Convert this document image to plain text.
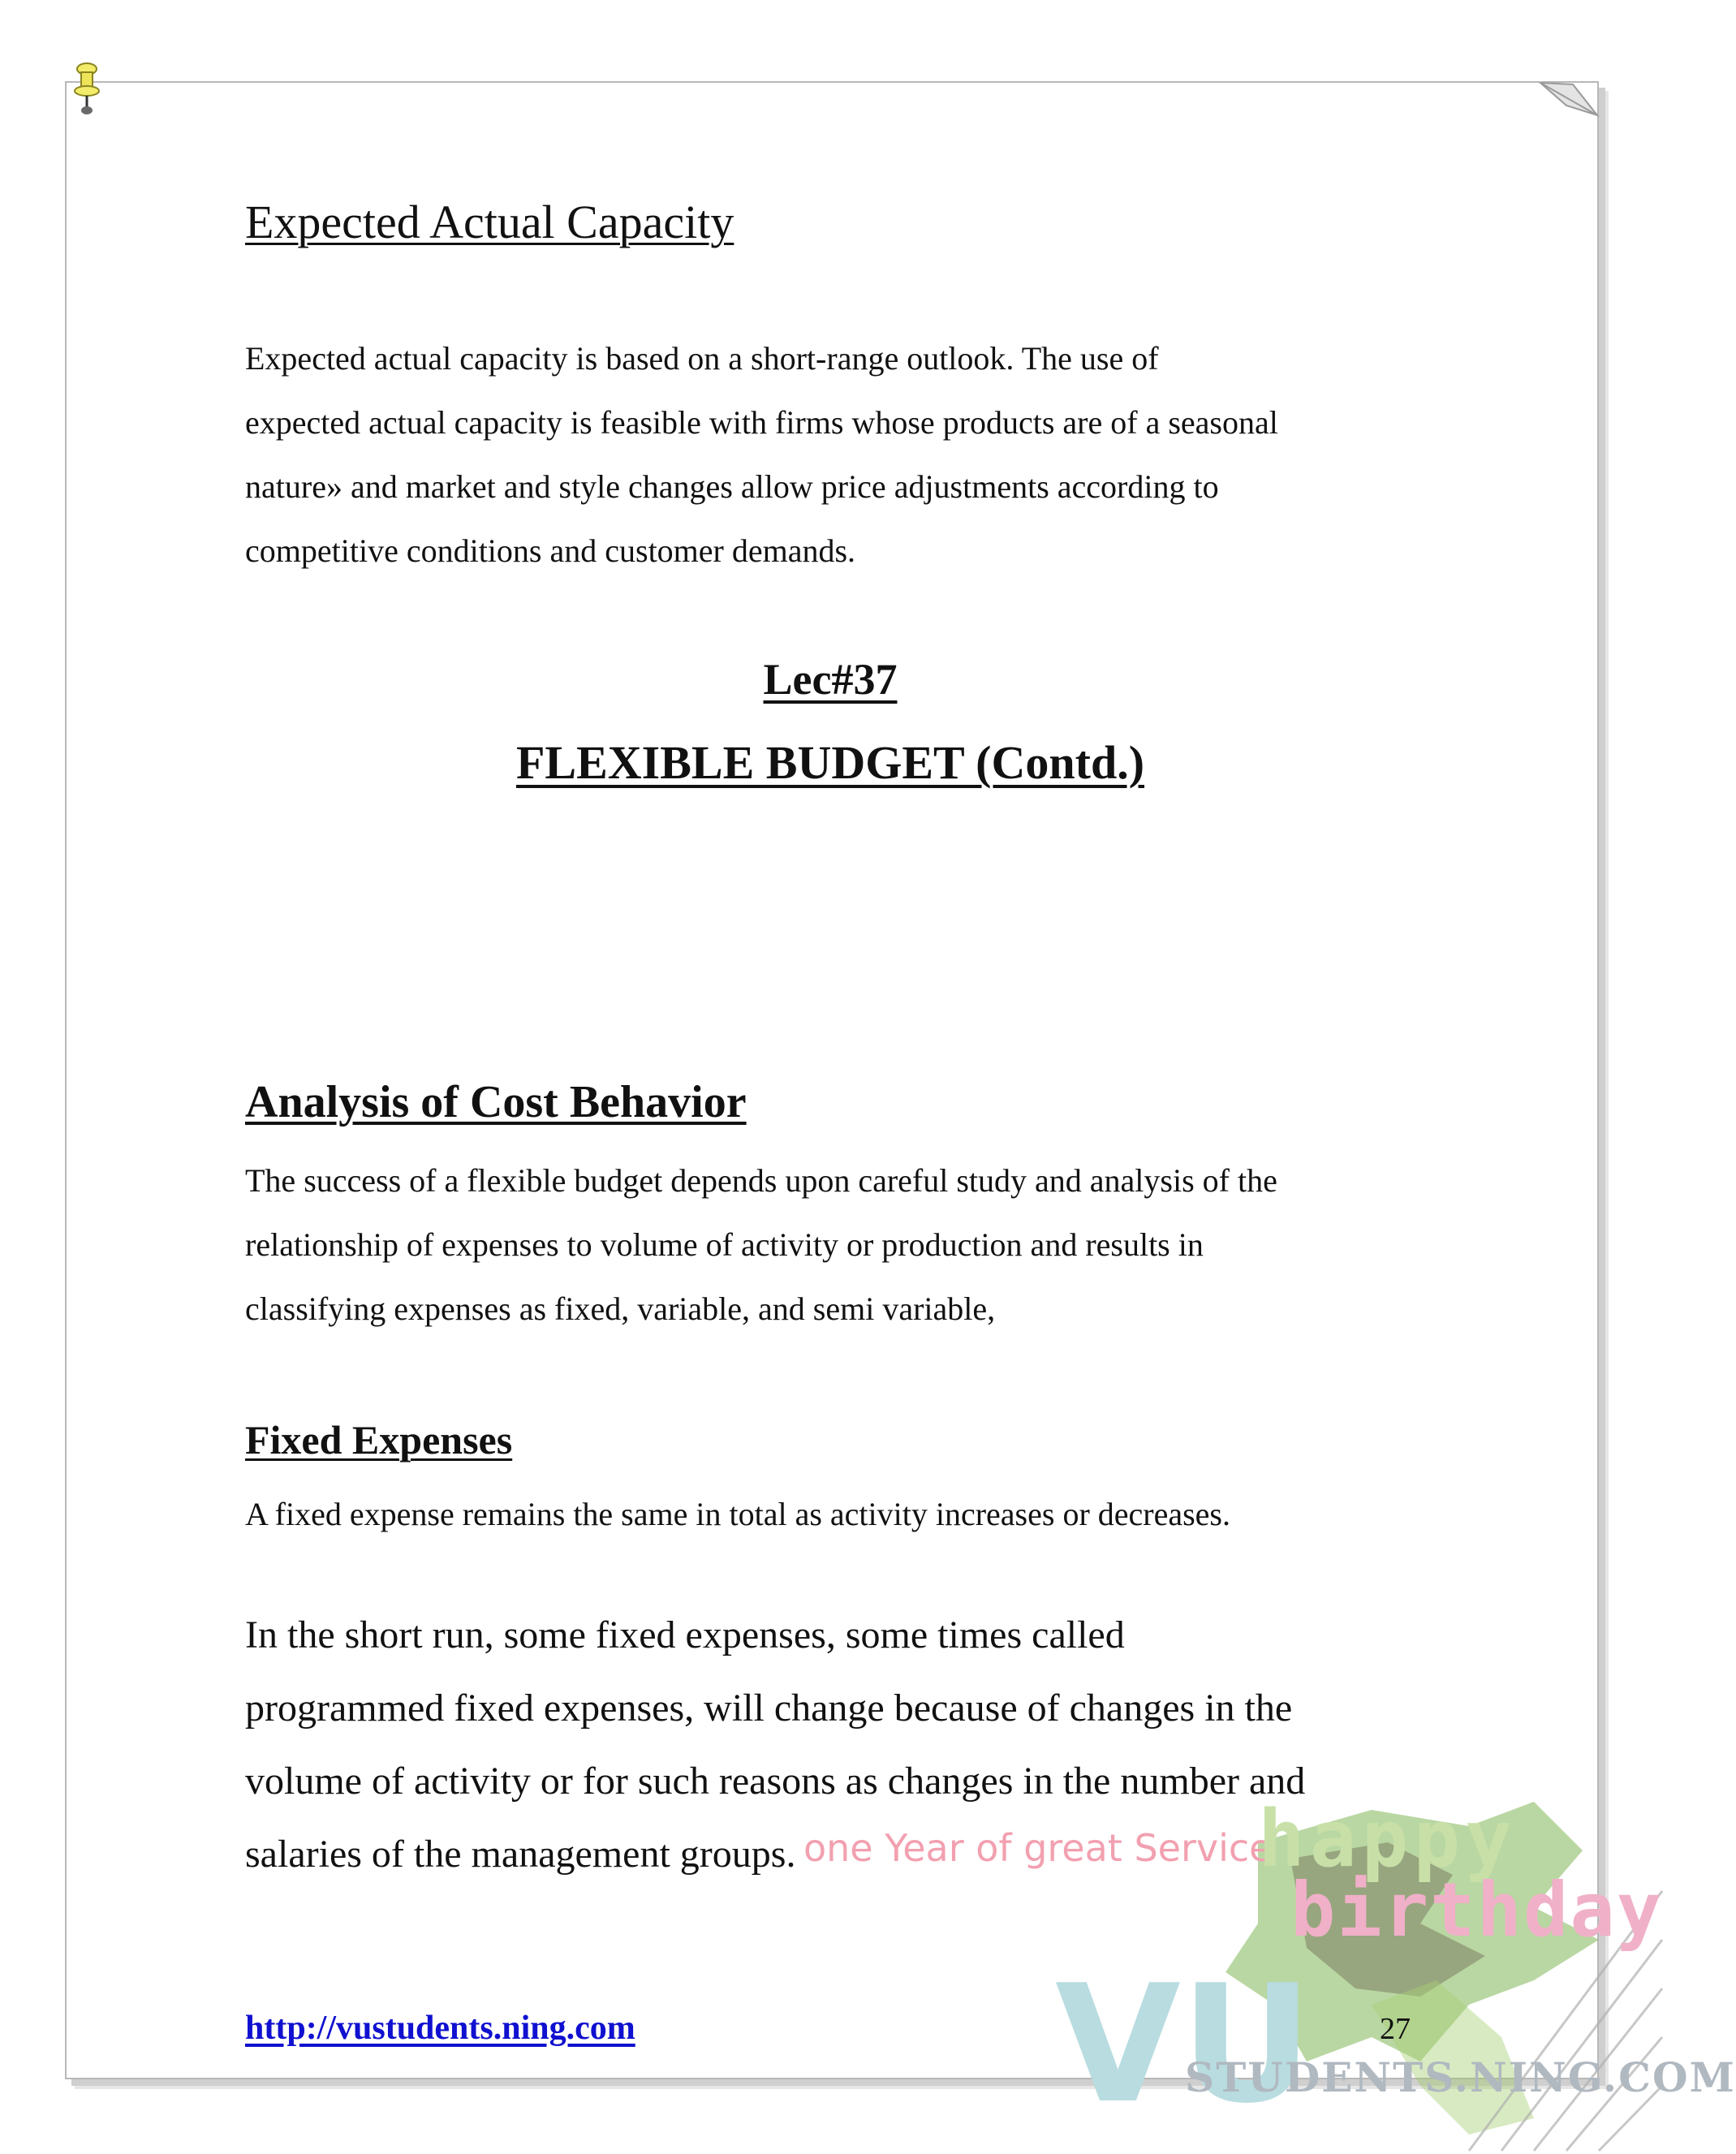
one Year of great Service
happy
birthday
VU
STUDENTS.NING.COM
Expected Actual Capacity

Expected actual capacity is based on a short-range outlook. The use of

expected actual capacity is feasible with firms whose products are of a seasonal

nature» and market and style changes allow price adjustments according to

competitive conditions and customer demands.

Lec#37
FLEXIBLE BUDGET (Contd.)
Analysis of Cost Behavior

The success of a flexible budget depends upon careful study and analysis of the

relationship of expenses to volume of activity or production and results in

classifying expenses as fixed, variable, and semi variable,

Fixed Expenses

A fixed expense remains the same in total as activity increases or decreases.

In the short run, some fixed expenses, some times called

programmed fixed expenses, will change because of changes in the

volume of activity or for such reasons as changes in the number and

salaries of the management groups.

http://vustudents.ning.com	27
